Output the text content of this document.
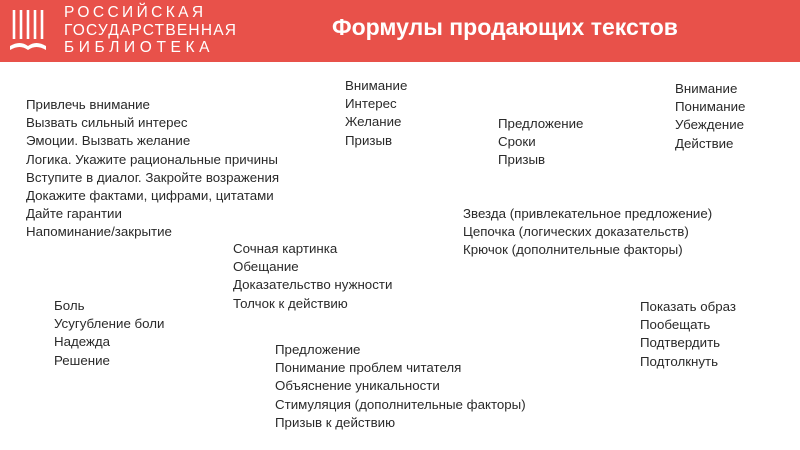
РОССИЙСКАЯ
ГОСУДАРСТВЕННАЯ
БИБЛИОТЕКА
Формулы продающих текстов
Привлечь внимание
Вызвать сильный интерес
Эмоции. Вызвать желание
Логика. Укажите рациональные причины
Вступите в диалог. Закройте возражения
Докажите фактами, цифрами, цитатами
Дайте гарантии
Напоминание/закрытие
Внимание
Интерес
Желание
Призыв
Предложение
Сроки
Призыв
Внимание
Понимание
Убеждение
Действие
Звезда (привлекательное предложение)
Цепочка (логических доказательств)
Крючок (дополнительные факторы)
Сочная картинка
Обещание
Доказательство нужности
Толчок к действию
Боль
Усугубление боли
Надежда
Решение
Показать образ
Пообещать
Подтвердить
Подтолкнуть
Предложение
Понимание проблем читателя
Объяснение уникальности
Стимуляция (дополнительные факторы)
Призыв к действию
